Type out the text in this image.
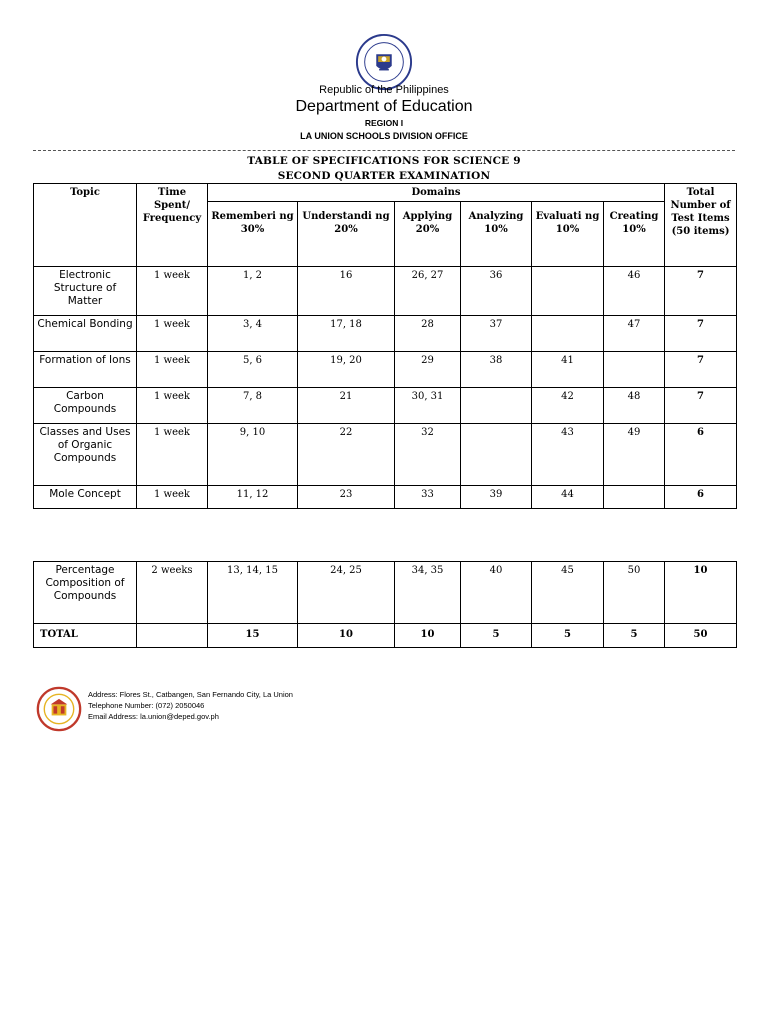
Republic of the Philippines
Department of Education
REGION I
LA UNION SCHOOLS DIVISION OFFICE
TABLE OF SPECIFICATIONS FOR SCIENCE 9
SECOND QUARTER EXAMINATION
Topic	Time Spent/ Frequency	Domains						Total Number of Test Items (50 items)
		Rememberi ng 30%	Understandi ng 20%	Applying 20%	Analyzing 10%	Evaluati ng 10%	Creating 10%	
Electronic Structure of Matter	1 week	1, 2	16	26, 27	36		46	7
Chemical Bonding	1 week	3, 4	17, 18	28	37		47	7
Formation of Ions	1 week	5, 6	19, 20	29	38	41		7
Carbon Compounds	1 week	7, 8	21	30, 31		42	48	7
Classes and Uses of Organic Compounds	1 week	9, 10	22	32		43	49	6
Mole Concept	1 week	11, 12	23	33	39	44		6
Percentage Composition of Compounds	2 weeks	13, 14, 15	24, 25	34, 35	40	45	50	10
TOTAL		15	10	10	5	5	5	50
Address: Flores St., Catbangen, San Fernando City, La Union
Telephone Number: (072) 2050046
Email Address: la.union@deped.gov.ph
